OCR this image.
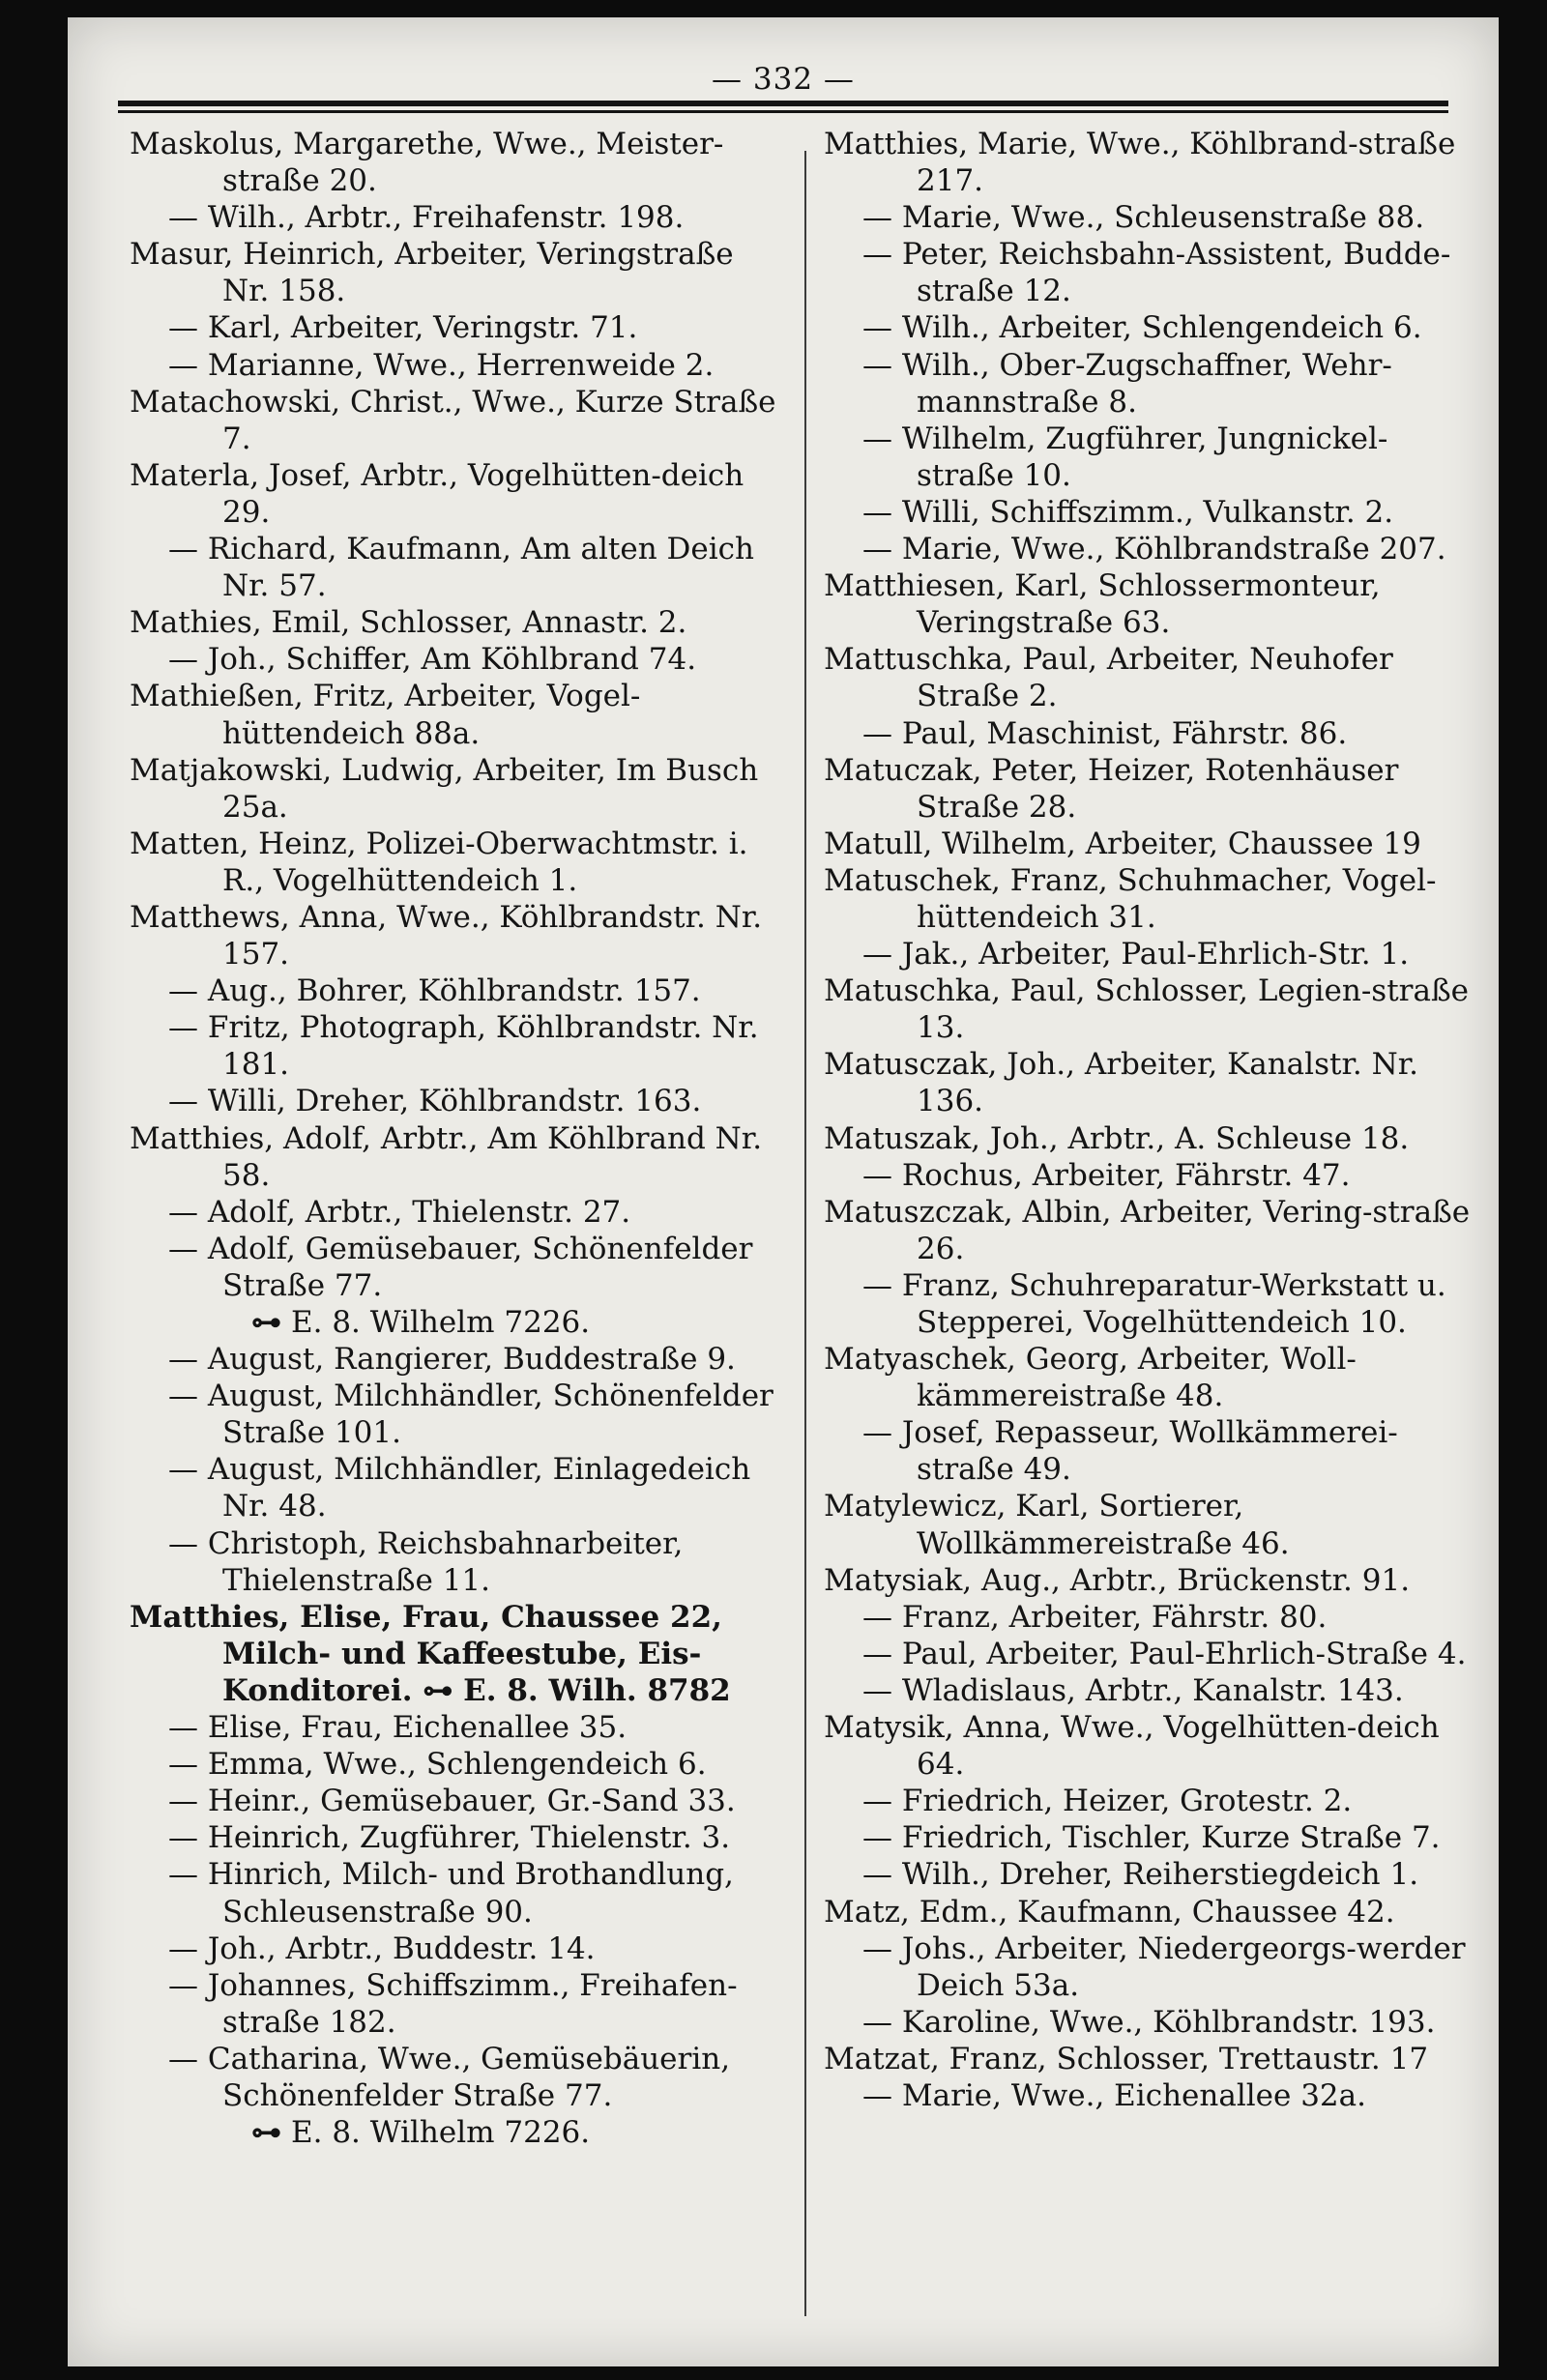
— 332 —
Maskolus, Margarethe, Wwe., Meister-straße 20.
— Wilh., Arbtr., Freihafenstr. 198.
Masur, Heinrich, Arbeiter, Veringstraße Nr. 158.
— Karl, Arbeiter, Veringstr. 71.
— Marianne, Wwe., Herrenweide 2.
Matachowski, Christ., Wwe., Kurze Straße 7.
Materla, Josef, Arbtr., Vogelhütten-deich 29.
— Richard, Kaufmann, Am alten Deich Nr. 57.
Mathies, Emil, Schlosser, Annastr. 2.
— Joh., Schiffer, Am Köhlbrand 74.
Mathießen, Fritz, Arbeiter, Vogel-hüttendeich 88a.
Matjakowski, Ludwig, Arbeiter, Im Busch 25a.
Matten, Heinz, Polizei-Oberwachtmstr. i. R., Vogelhüttendeich 1.
Matthews, Anna, Wwe., Köhlbrandstr. Nr. 157.
— Aug., Bohrer, Köhlbrandstr. 157.
— Fritz, Photograph, Köhlbrandstr. Nr. 181.
— Willi, Dreher, Köhlbrandstr. 163.
Matthies, Adolf, Arbtr., Am Köhlbrand Nr. 58.
— Adolf, Arbtr., Thielenstr. 27.
— Adolf, Gemüsebauer, Schönenfelder Straße 77.
⊶ E. 8. Wilhelm 7226.
— August, Rangierer, Buddestraße 9.
— August, Milchhändler, Schönenfelder Straße 101.
— August, Milchhändler, Einlagedeich Nr. 48.
— Christoph, Reichsbahnarbeiter, Thielenstraße 11.
Matthies, Elise, Frau, Chaussee 22, Milch- und Kaffeestube, Eis-Konditorei. ⊶ E. 8. Wilh. 8782
— Elise, Frau, Eichenallee 35.
— Emma, Wwe., Schlengendeich 6.
— Heinr., Gemüsebauer, Gr.-Sand 33.
— Heinrich, Zugführer, Thielenstr. 3.
— Hinrich, Milch- und Brothandlung, Schleusenstraße 90.
— Joh., Arbtr., Buddestr. 14.
— Johannes, Schiffszimm., Freihafen-straße 182.
— Catharina, Wwe., Gemüsebäuerin, Schönenfelder Straße 77.
⊶ E. 8. Wilhelm 7226.
Matthies, Marie, Wwe., Köhlbrand-straße 217.
— Marie, Wwe., Schleusenstraße 88.
— Peter, Reichsbahn-Assistent, Budde-straße 12.
— Wilh., Arbeiter, Schlengendeich 6.
— Wilh., Ober-Zugschaffner, Wehr-mannstraße 8.
— Wilhelm, Zugführer, Jungnickel-straße 10.
— Willi, Schiffszimm., Vulkanstr. 2.
— Marie, Wwe., Köhlbrandstraße 207.
Matthiesen, Karl, Schlossermonteur, Veringstraße 63.
Mattuschka, Paul, Arbeiter, Neuhofer Straße 2.
— Paul, Maschinist, Fährstr. 86.
Matuczak, Peter, Heizer, Rotenhäuser Straße 28.
Matull, Wilhelm, Arbeiter, Chaussee 19
Matuschek, Franz, Schuhmacher, Vogel-hüttendeich 31.
— Jak., Arbeiter, Paul-Ehrlich-Str. 1.
Matuschka, Paul, Schlosser, Legien-straße 13.
Matusczak, Joh., Arbeiter, Kanalstr. Nr. 136.
Matuszak, Joh., Arbtr., A. Schleuse 18.
— Rochus, Arbeiter, Fährstr. 47.
Matuszczak, Albin, Arbeiter, Vering-straße 26.
— Franz, Schuhreparatur-Werkstatt u. Stepperei, Vogelhüttendeich 10.
Matyaschek, Georg, Arbeiter, Woll-kämmereistraße 48.
— Josef, Repasseur, Wollkämmerei-straße 49.
Matylewicz, Karl, Sortierer, Wollkämmereistraße 46.
Matysiak, Aug., Arbtr., Brückenstr. 91.
— Franz, Arbeiter, Fährstr. 80.
— Paul, Arbeiter, Paul-Ehrlich-Straße 4.
— Wladislaus, Arbtr., Kanalstr. 143.
Matysik, Anna, Wwe., Vogelhütten-deich 64.
— Friedrich, Heizer, Grotestr. 2.
— Friedrich, Tischler, Kurze Straße 7.
— Wilh., Dreher, Reiherstiegdeich 1.
Matz, Edm., Kaufmann, Chaussee 42.
— Johs., Arbeiter, Niedergeorgs-werder Deich 53a.
— Karoline, Wwe., Köhlbrandstr. 193.
Matzat, Franz, Schlosser, Trettaustr. 17
— Marie, Wwe., Eichenallee 32a.
